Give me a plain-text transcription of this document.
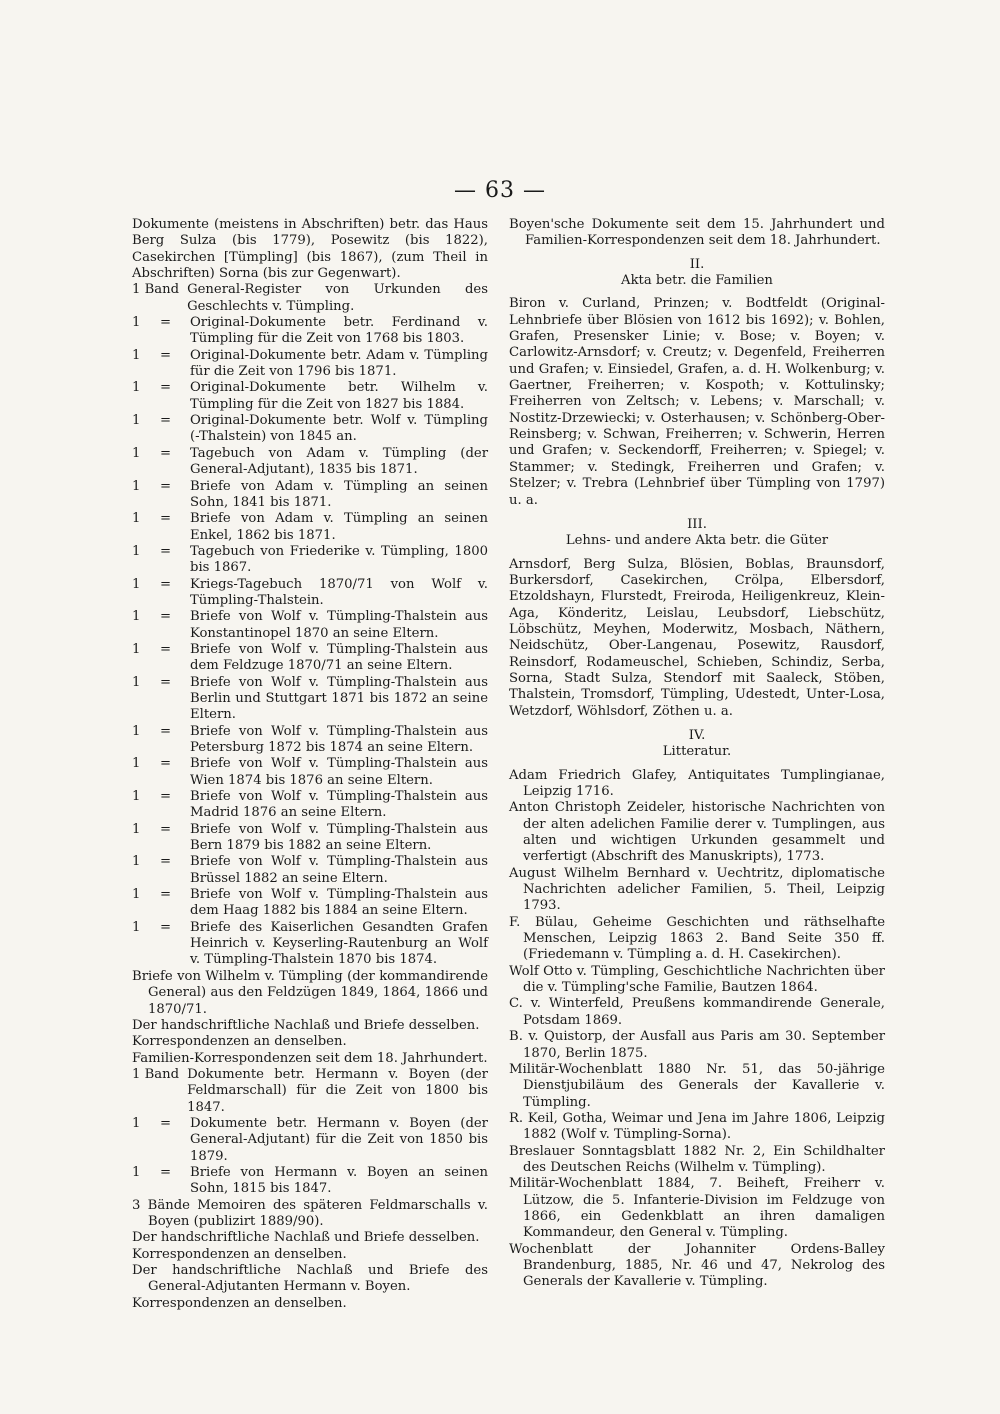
— 63 —
Dokumente (meistens in Abschriften) betr. das Haus Berg Sulza (bis 1779), Posewitz (bis 1822), Casekirchen [Tümpling] (bis 1867), (zum Theil in Abschriften) Sorna (bis zur Gegenwart).
1 Band General-Register von Urkunden des Geschlechts v. Tümpling.
1	=	Original-Dokumente betr. Ferdinand v. Tümpling für die Zeit von 1768 bis 1803.
1	=	Original-Dokumente betr. Adam v. Tümpling für die Zeit von 1796 bis 1871.
1	=	Original-Dokumente betr. Wilhelm v. Tümpling für die Zeit von 1827 bis 1884.
1	=	Original-Dokumente betr. Wolf v. Tümpling (-Thalstein) von 1845 an.
1	=	Tagebuch von Adam v. Tümpling (der General-Adjutant), 1835 bis 1871.
1	=	Briefe von Adam v. Tümpling an seinen Sohn, 1841 bis 1871.
1	=	Briefe von Adam v. Tümpling an seinen Enkel, 1862 bis 1871.
1	=	Tagebuch von Friederike v. Tümpling, 1800 bis 1867.
1	=	Kriegs-Tagebuch 1870/71 von Wolf v. Tümpling-Thalstein.
1	=	Briefe von Wolf v. Tümpling-Thalstein aus Konstantinopel 1870 an seine Eltern.
1	=	Briefe von Wolf v. Tümpling-Thalstein aus dem Feldzuge 1870/71 an seine Eltern.
1	=	Briefe von Wolf v. Tümpling-Thalstein aus Berlin und Stuttgart 1871 bis 1872 an seine Eltern.
1	=	Briefe von Wolf v. Tümpling-Thalstein aus Petersburg 1872 bis 1874 an seine Eltern.
1	=	Briefe von Wolf v. Tümpling-Thalstein aus Wien 1874 bis 1876 an seine Eltern.
1	=	Briefe von Wolf v. Tümpling-Thalstein aus Madrid 1876 an seine Eltern.
1	=	Briefe von Wolf v. Tümpling-Thalstein aus Bern 1879 bis 1882 an seine Eltern.
1	=	Briefe von Wolf v. Tümpling-Thalstein aus Brüssel 1882 an seine Eltern.
1	=	Briefe von Wolf v. Tümpling-Thalstein aus dem Haag 1882 bis 1884 an seine Eltern.
1	=	Briefe des Kaiserlichen Gesandten Grafen Heinrich v. Keyserling-Rautenburg an Wolf v. Tümpling-Thalstein 1870 bis 1874.
Briefe von Wilhelm v. Tümpling (der kommandirende General) aus den Feldzügen 1849, 1864, 1866 und 1870/71.
Der handschriftliche Nachlaß und Briefe desselben.
Korrespondenzen an denselben.
Familien-Korrespondenzen seit dem 18. Jahrhundert.
1 Band Dokumente betr. Hermann v. Boyen (der Feldmarschall) für die Zeit von 1800 bis 1847.
1	=	Dokumente betr. Hermann v. Boyen (der General-Adjutant) für die Zeit von 1850 bis 1879.
1	=	Briefe von Hermann v. Boyen an seinen Sohn, 1815 bis 1847.
3 Bände Memoiren des späteren Feldmarschalls v. Boyen (publizirt 1889/90).
Der handschriftliche Nachlaß und Briefe desselben.
Korrespondenzen an denselben.
Der handschriftliche Nachlaß und Briefe des General-Adjutanten Hermann v. Boyen.
Korrespondenzen an denselben.
Boyen'sche Dokumente seit dem 15. Jahrhundert und Familien-Korrespondenzen seit dem 18. Jahrhundert.
II.
Akta betr. die Familien
Biron v. Curland, Prinzen; v. Bodtfeldt (Original-Lehnbriefe über Blösien von 1612 bis 1692); v. Bohlen, Grafen, Presensker Linie; v. Bose; v. Boyen; v. Carlowitz-Arnsdorf; v. Creutz; v. Degenfeld, Freiherren und Grafen; v. Einsiedel, Grafen, a. d. H. Wolkenburg; v. Gaertner, Freiherren; v. Kospoth; v. Kottulinsky; Freiherren von Zeltsch; v. Lebens; v. Marschall; v. Nostitz-Drzewiecki; v. Osterhausen; v. Schönberg-Ober-Reinsberg; v. Schwan, Freiherren; v. Schwerin, Herren und Grafen; v. Seckendorff, Freiherren; v. Spiegel; v. Stammer; v. Stedingk, Freiherren und Grafen; v. Stelzer; v. Trebra (Lehnbrief über Tümpling von 1797) u. a.
III.
Lehns- und andere Akta betr. die Güter
Arnsdorf, Berg Sulza, Blösien, Boblas, Braunsdorf, Burkersdorf, Casekirchen, Crölpa, Elbersdorf, Etzoldshayn, Flurstedt, Freiroda, Heiligenkreuz, Klein-Aga, Könderitz, Leislau, Leubsdorf, Liebschütz, Löbschütz, Meyhen, Moderwitz, Mosbach, Näthern, Neidschütz, Ober-Langenau, Posewitz, Rausdorf, Reinsdorf, Rodameuschel, Schieben, Schindiz, Serba, Sorna, Stadt Sulza, Stendorf mit Saaleck, Stöben, Thalstein, Tromsdorf, Tümpling, Udestedt, Unter-Losa, Wetzdorf, Wöhlsdorf, Zöthen u. a.
IV.
Litteratur.
Adam Friedrich Glafey, Antiquitates Tumplingianae, Leipzig 1716.
Anton Christoph Zeideler, historische Nachrichten von der alten adelichen Familie derer v. Tumplingen, aus alten und wichtigen Urkunden gesammelt und verfertigt (Abschrift des Manuskripts), 1773.
August Wilhelm Bernhard v. Uechtritz, diplomatische Nachrichten adelicher Familien, 5. Theil, Leipzig 1793.
F. Bülau, Geheime Geschichten und räthselhafte Menschen, Leipzig 1863 2. Band Seite 350 ff. (Friedemann v. Tümpling a. d. H. Casekirchen).
Wolf Otto v. Tümpling, Geschichtliche Nachrichten über die v. Tümpling'sche Familie, Bautzen 1864.
C. v. Winterfeld, Preußens kommandirende Generale, Potsdam 1869.
B. v. Quistorp, der Ausfall aus Paris am 30. September 1870, Berlin 1875.
Militär-Wochenblatt 1880 Nr. 51, das 50-jährige Dienstjubiläum des Generals der Kavallerie v. Tümpling.
R. Keil, Gotha, Weimar und Jena im Jahre 1806, Leipzig 1882 (Wolf v. Tümpling-Sorna).
Breslauer Sonntagsblatt 1882 Nr. 2, Ein Schildhalter des Deutschen Reichs (Wilhelm v. Tümpling).
Militär-Wochenblatt 1884, 7. Beiheft, Freiherr v. Lützow, die 5. Infanterie-Division im Feldzuge von 1866, ein Gedenkblatt an ihren damaligen Kommandeur, den General v. Tümpling.
Wochenblatt der Johanniter Ordens-Balley Brandenburg, 1885, Nr. 46 und 47, Nekrolog des Generals der Kavallerie v. Tümpling.
